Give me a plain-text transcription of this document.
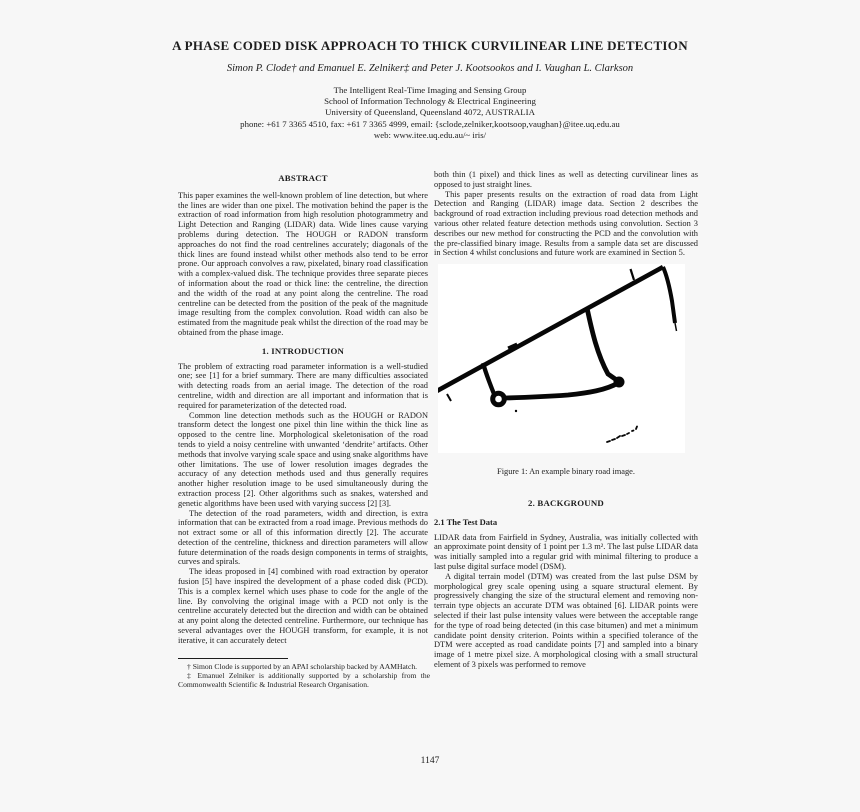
A PHASE CODED DISK APPROACH TO THICK CURVILINEAR LINE DETECTION
Simon P. Clode† and Emanuel E. Zelniker‡ and Peter J. Kootsookos and I. Vaughan L. Clarkson
The Intelligent Real-Time Imaging and Sensing Group
School of Information Technology & Electrical Engineering
University of Queensland, Queensland 4072, AUSTRALIA
phone: +61 7 3365 4510, fax: +61 7 3365 4999, email: {sclode,zelniker,kootsoop,vaughan}@itee.uq.edu.au
web: www.itee.uq.edu.au/~ iris/
ABSTRACT

This paper examines the well-known problem of line detection, but where the lines are wider than one pixel. The motivation behind the paper is the extraction of road information from high resolution photogrammetry and Light Detection and Ranging (LIDAR) data. Wide lines cause varying problems during detection. The HOUGH or RADON transform approaches do not find the road centrelines accurately; diagonals of the thick lines are found instead whilst other methods also tend to be error prone. Our approach convolves a raw, pixelated, binary road classification with a complex-valued disk. The technique provides three separate pieces of information about the road or thick line: the centreline, the direction and the width of the road at any point along the centreline. The road centreline can be detected from the position of the peak of the magnitude image resulting from the complex convolution. Road width can also be estimated from the magnitude peak whilst the direction of the road may be obtained from the phase image.

1. INTRODUCTION

The problem of extracting road parameter information is a well-studied one; see [1] for a brief summary. There are many difficulties associated with detecting roads from an aerial image. The detection of the road centreline, width and direction are all important and information that is required for parameterization of the detected road.

Common line detection methods such as the HOUGH or RADON transform detect the longest one pixel thin line within the thick line as opposed to the centre line. Morphological skeletonisation of the road tends to yield a noisy centreline with unwanted ‘dendrite’ artifacts. Other methods that involve varying scale space and using snake algorithms have other limitations. The use of lower resolution images degrades the accuracy of any detection methods used and thus generally requires another higher resolution image to be used simultaneously during the extraction process [2]. Other algorithms such as snakes, watershed and genetic algorithms have been used with varying success [2] [3].

The detection of the road parameters, width and direction, is extra information that can be extracted from a road image. Previous methods do not extract some or all of this information directly [2]. The accurate detection of the centreline, thickness and direction parameters will allow future determination of the roads design components in terms of straights, curves and spirals.

The ideas proposed in [4] combined with road extraction by operator fusion [5] have inspired the development of a phase coded disk (PCD). This is a complex kernel which uses phase to code for the angle of the line. By convolving the original image with a PCD not only is the centreline accurately detected but the direction and width can be obtained at any point along the detected centreline. Furthermore, our technique has several advantages over the HOUGH transform, for example, it is not iterative, it can accurately detect

† Simon Clode is supported by an APAI scholarship backed by AAMHatch.

‡ Emanuel Zelniker is additionally supported by a scholarship from the Commonwealth Scientific & Industrial Research Organisation.

both thin (1 pixel) and thick lines as well as detecting curvilinear lines as opposed to just straight lines.

This paper presents results on the extraction of road data from Light Detection and Ranging (LIDAR) image data. Section 2 describes the background of road extraction including previous road detection methods and various other related feature detection methods using convolution. Section 3 describes our new method for constructing the PCD and the convolution with the pre-classified binary image. Results from a sample data set are discussed in Section 4 whilst conclusions and future work are examined in Section 5.

Figure 1: An example binary road image.
2. BACKGROUND
2.1 The Test Data

LIDAR data from Fairfield in Sydney, Australia, was initially collected with an approximate point density of 1 point per 1.3 m². The last pulse LIDAR data was initially sampled into a regular grid with minimal filtering to produce a last pulse digital surface model (DSM).

A digital terrain model (DTM) was created from the last pulse DSM by morphological grey scale opening using a square structural element. By progressively changing the size of the structural element and removing non-terrain type objects an accurate DTM was obtained [6]. LIDAR points were selected if their last pulse intensity values were between the acceptable range for the type of road being detected (in this case bitumen) and met a minimum candidate point density criterion. Points within a specified tolerance of the DTM were accepted as road candidate points [7] and sampled into a binary image of 1 metre pixel size. A morphological closing with a small structural element of 3 pixels was performed to remove

1147
